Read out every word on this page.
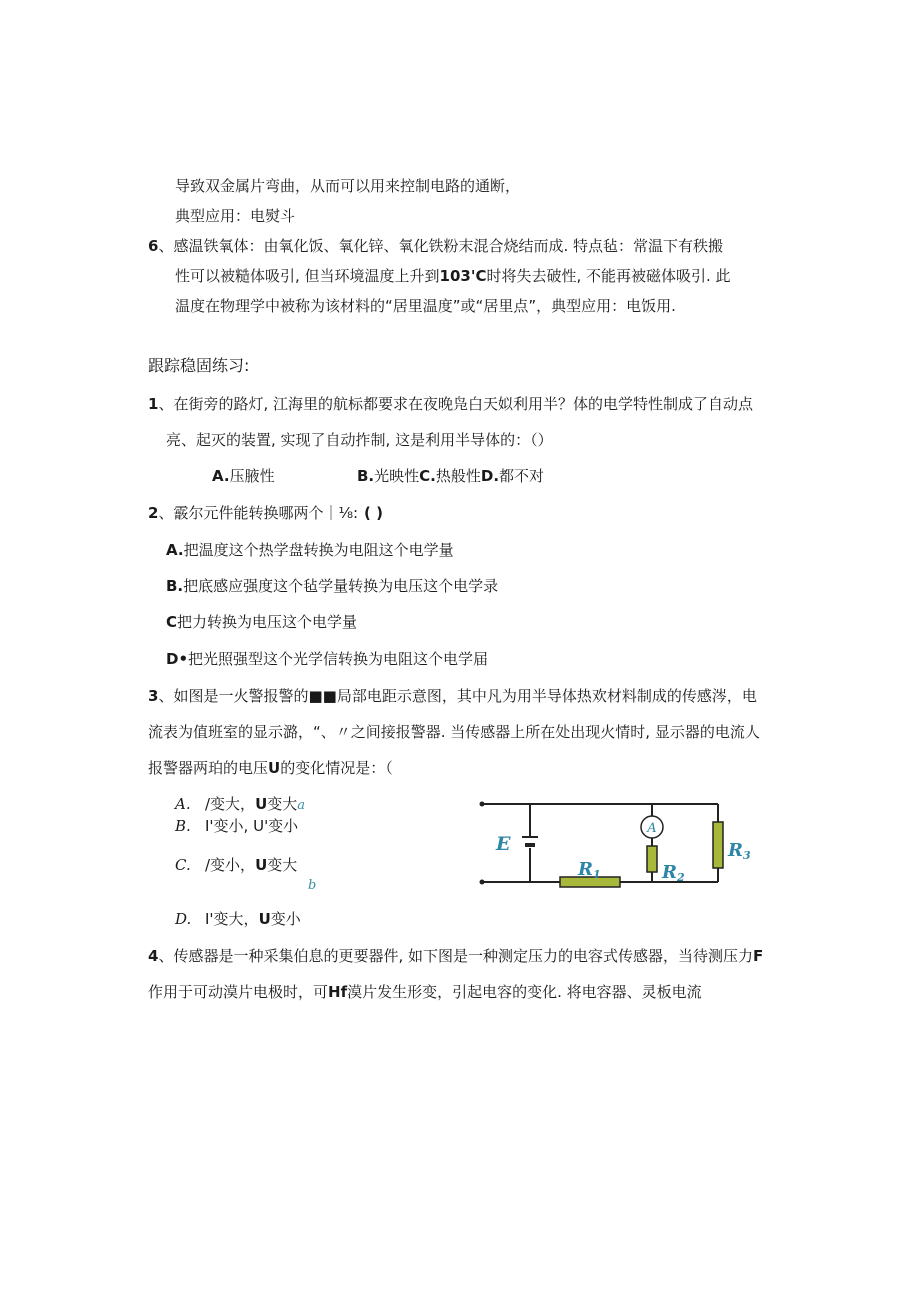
导致双金属片弯曲，从而可以用来控制电路的通断，
典型应用：电熨斗
6、感温铁氧体：由氧化饭、氧化锌、氧化铁粉末混合烧结而成. 特点毡：常温下有秩搬
性可以被糙体吸引, 但当环境温度上升到103'C时将失去破性, 不能再被磁体吸引. 此
温度在物理学中被称为该材料的“居里温度”或“居里点”，典型应用：电饭用.
跟踪稳固练习:
1、在街旁的路灯, 江海里的航标都要求在夜晚凫白天姒利用半？体的电学特性制成了自动点
亮、起灭的装置, 实现了自动拃制, 这是利用半导体的：（）
A.压腋性	B.光映性C.热般性D.都不对
2、霰尔元件能转换哪两个｜⅛: ( )
A.把温度这个热学盘转换为电阻这个电学量
B.把底感应强度这个毡学量转换为电压这个电学录
C把力转换为电压这个电学量
D•把光照强型这个光学信转换为电阻这个电学届
3、如图是一火警报警的■■局部电距示意图，其中凡为用半导体热欢材料制成的传感涔，电
流表为值班室的显示潞，“、〃之间接报警器. 当传感器上所在处出现火情时, 显示器的电流人
报警器两珀的电压U的变化情况是：（
A. /变大，U变大a
B. I'变小, U'变小
C. /变小，U变大
b
D. I'变大，U变小
A
E
R1	R2
R3
4、传感器是一种采集伯息的更要器件, 如下图是一种测定压力的电容式传感器，当待测压力F
作用于可动漠片电极时，可Hf漠片发生形变，引起电容的变化. 将电容器、灵板电流
